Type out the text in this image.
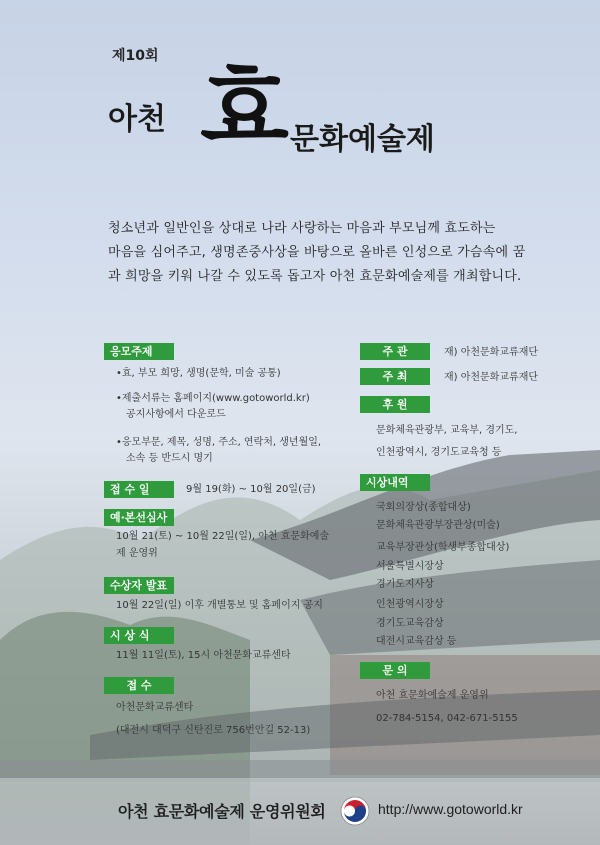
제10회
아천 효 문화예술제
청소년과 일반인을 상대로 나라 사랑하는 마음과 부모님께 효도하는
마음을 심어주고, 생명존중사상을 바탕으로 올바른 인성으로 가슴속에 꿈
과 희망을 키워 나갈 수 있도록 돕고자 아천 효문화예술제를 개최합니다.
응모주제
•효, 부모 희망, 생명(문학, 미술 공통)
•제출서류는 홈페이지(www.gotoworld.kr)
공지사항에서 다운로드
•응모부문, 제목, 성명, 주소, 연락처, 생년월일,
소속 등 반드시 명기
접 수 일	9월 19(화) ~ 10월 20일(금)
예·본선심사
10월 21(토) ~ 10월 22일(일), 아천 효문화예술
제 운영위
수상자 발표
10월 22일(일) 이후 개별통보 및 홈페이지 공지
시 상 식
11월 11일(토), 15시 아천문화교류센타
접 수
아천문화교류센타
(대전시 대덕구 신탄진로 756번안길 52-13)
주 관	재) 아천문화교류재단
주 최	재) 아천문화교류재단
후 원
문화체육관광부, 교육부, 경기도,
인천광역시, 경기도교육청 등
시상내역
국회의장상(종합대상)
문화체육관광부장관상(미술)
교육부장관상(학생부종합대상)
서울특별시장상
경기도지사상
인천광역시장상
경기도교육감상
대전시교육감상 등
문 의
아천 효문화예술제 운영위
02-784-5154, 042-671-5155
아천 효문화예술제 운영위원회	http://www.gotoworld.kr
